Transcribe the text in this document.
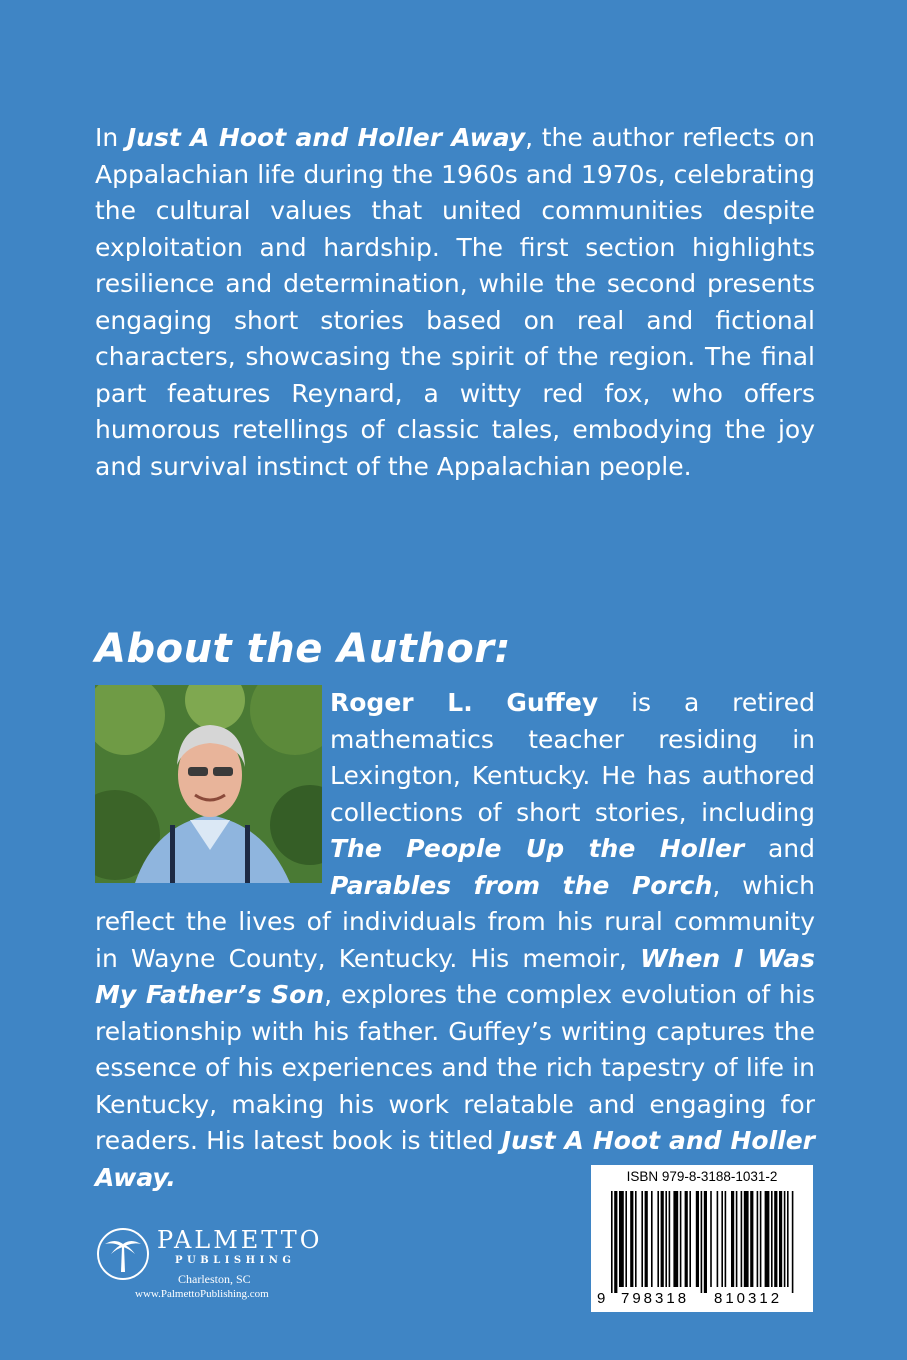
In Just A Hoot and Holler Away, the author reflects on Appalachian life during the 1960s and 1970s, celebrating the cultural values that united communities despite exploitation and hardship. The first section highlights resilience and determination, while the second presents engaging short stories based on real and fictional characters, showcasing the spirit of the region. The final part features Reynard, a witty red fox, who offers humorous retellings of classic tales, embodying the joy and survival instinct of the Appalachian people.

About the Author:

Roger L. Guffey is a retired mathematics teacher residing in Lexington, Kentucky. He has authored collections of short stories, including The People Up the Holler and Parables from the Porch, which reflect the lives of individuals from his rural community in Wayne County, Kentucky. His memoir, When I Was My Father’s Son, explores the complex evolution of his relationship with his father. Guffey’s writing captures the essence of his experiences and the rich tapestry of life in Kentucky, making his work relatable and engaging for readers. His latest book is titled Just A Hoot and Holler Away.

PALMETTO
PUBLISHING
Charleston, SC
www.PalmettoPublishing.com
ISBN 979-8-3188-1031-2
9 798318 810312
